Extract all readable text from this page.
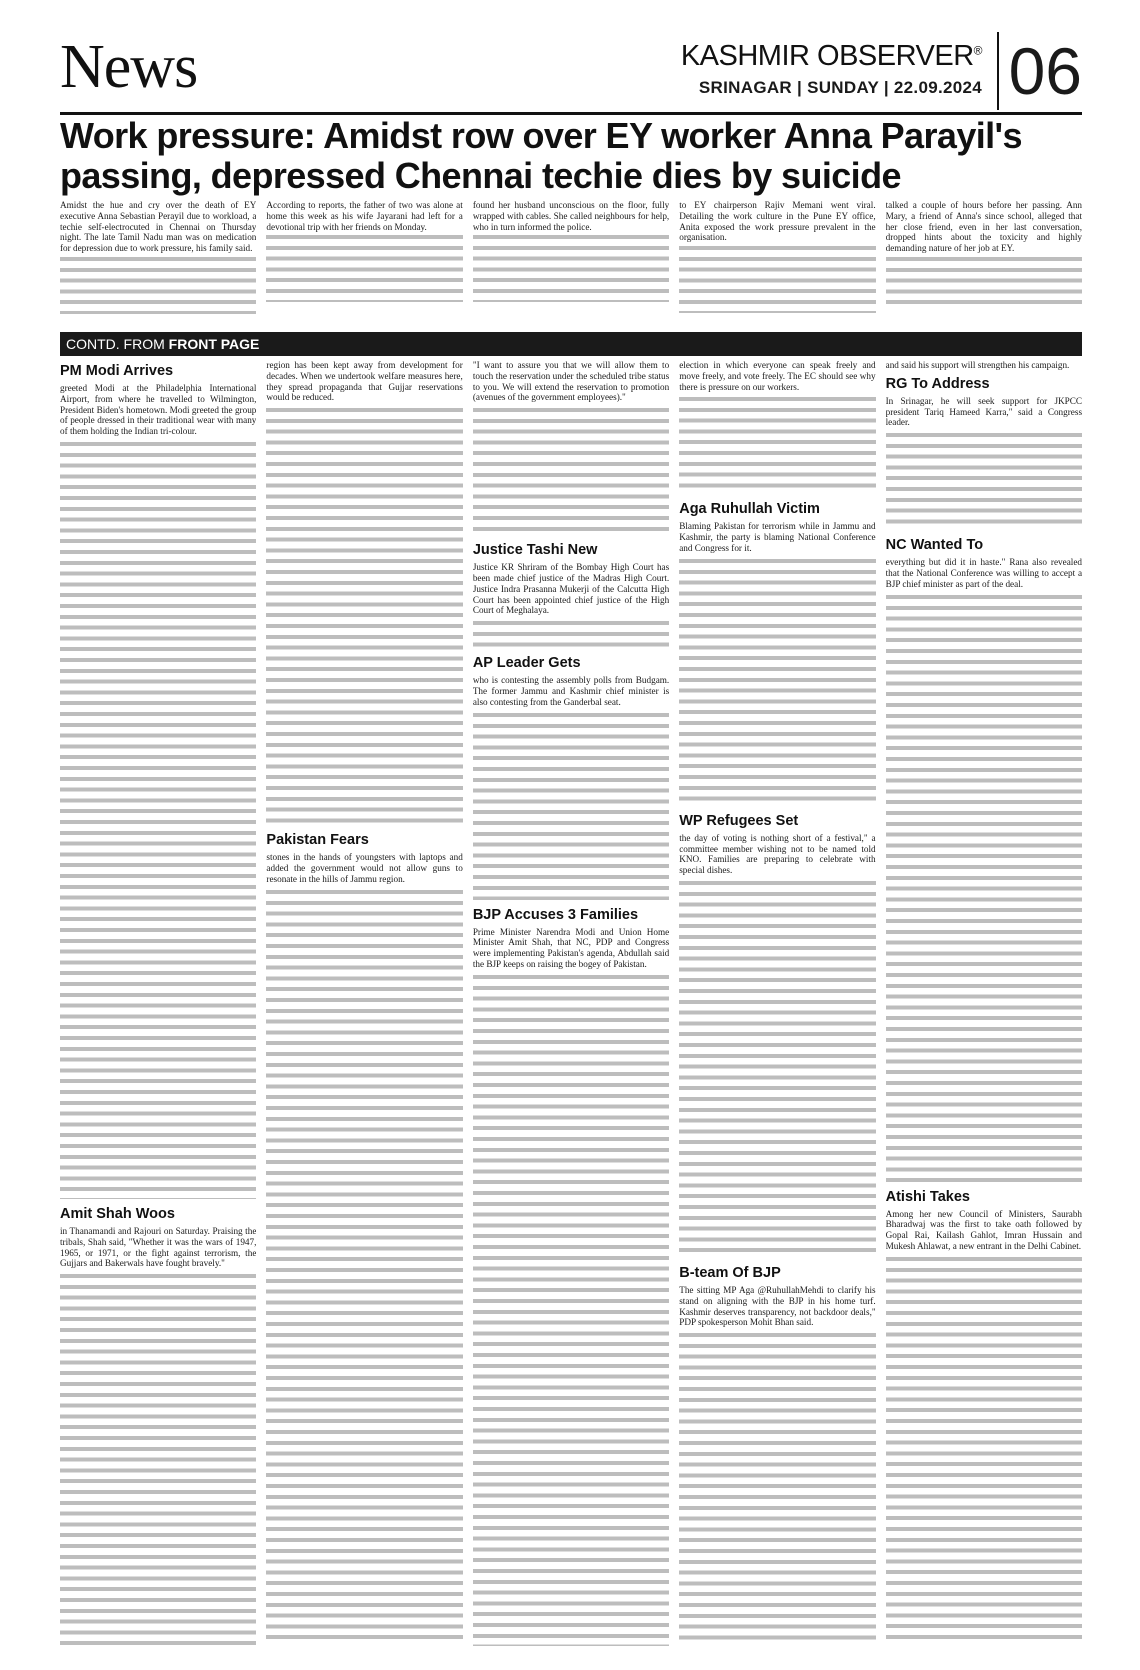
News	KASHMIR OBSERVER®
SRINAGAR | SUNDAY | 22.09.2024 06
Work pressure: Amidst row over EY worker Anna Parayil's passing, depressed Chennai techie dies by suicide

Amidst the hue and cry over the death of EY executive Anna Sebastian Perayil due to workload, a techie self-electrocuted in Chennai on Thursday night. The late Tamil Nadu man was on medication for depression due to work pressure, his family said.

According to reports, the father of two was alone at home this week as his wife Jayarani had left for a devotional trip with her friends on Monday.

found her husband unconscious on the floor, fully wrapped with cables. She called neighbours for help, who in turn informed the police.

to EY chairperson Rajiv Memani went viral. Detailing the work culture in the Pune EY office, Anita exposed the work pressure prevalent in the organisation.

talked a couple of hours before her passing. Ann Mary, a friend of Anna's since school, alleged that her close friend, even in her last conversation, dropped hints about the toxicity and highly demanding nature of her job at EY.

CONTD. FROM FRONT PAGE
PM Modi Arrives

greeted Modi at the Philadelphia International Airport, from where he travelled to Wilmington, President Biden's hometown. Modi greeted the group of people dressed in their traditional wear with many of them holding the Indian tri-colour.

Amit Shah Woos

in Thanamandi and Rajouri on Saturday. Praising the tribals, Shah said, "Whether it was the wars of 1947, 1965, or 1971, or the fight against terrorism, the Gujjars and Bakerwals have fought bravely."

region has been kept away from development for decades. When we undertook welfare measures here, they spread propaganda that Gujjar reservations would be reduced.

Pakistan Fears

stones in the hands of youngsters with laptops and added the government would not allow guns to resonate in the hills of Jammu region.

"I want to assure you that we will allow them to touch the reservation under the scheduled tribe status to you. We will extend the reservation to promotion (avenues of the government employees)."

Justice Tashi New

Justice KR Shriram of the Bombay High Court has been made chief justice of the Madras High Court. Justice Indra Prasanna Mukerji of the Calcutta High Court has been appointed chief justice of the High Court of Meghalaya.

AP Leader Gets

who is contesting the assembly polls from Budgam. The former Jammu and Kashmir chief minister is also contesting from the Ganderbal seat.

BJP Accuses 3 Families

Prime Minister Narendra Modi and Union Home Minister Amit Shah, that NC, PDP and Congress were implementing Pakistan's agenda, Abdullah said the BJP keeps on raising the bogey of Pakistan.

election in which everyone can speak freely and move freely, and vote freely. The EC should see why there is pressure on our workers.

Aga Ruhullah Victim

Blaming Pakistan for terrorism while in Jammu and Kashmir, the party is blaming National Conference and Congress for it.

WP Refugees Set

the day of voting is nothing short of a festival," a committee member wishing not to be named told KNO. Families are preparing to celebrate with special dishes.

B-team Of BJP

The sitting MP Aga @RuhullahMehdi to clarify his stand on aligning with the BJP in his home turf. Kashmir deserves transparency, not backdoor deals," PDP spokesperson Mohit Bhan said.

and said his support will strengthen his campaign.

RG To Address

In Srinagar, he will seek support for JKPCC president Tariq Hameed Karra," said a Congress leader.

NC Wanted To

everything but did it in haste." Rana also revealed that the National Conference was willing to accept a BJP chief minister as part of the deal.

Atishi Takes

Among her new Council of Ministers, Saurabh Bharadwaj was the first to take oath followed by Gopal Rai, Kailash Gahlot, Imran Hussain and Mukesh Ahlawat, a new entrant in the Delhi Cabinet.
